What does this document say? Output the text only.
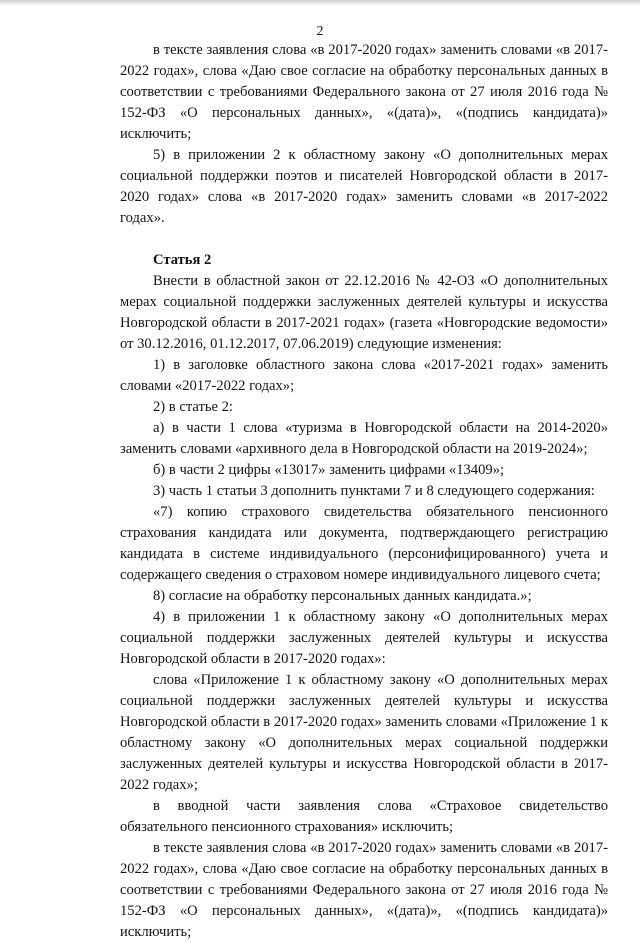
2

в тексте заявления слова «в 2017-2020 годах» заменить словами «в 2017-2022 годах», слова «Даю свое согласие на обработку персональных данных в соответствии с требованиями Федерального закона от 27 июля 2016 года № 152-ФЗ «О персональных данных», «(дата)», «(подпись кандидата)» исключить;

5) в приложении 2 к областному закону «О дополнительных мерах социальной поддержки поэтов и писателей Новгородской области в 2017-2020 годах» слова «в 2017-2020 годах» заменить словами «в 2017-2022 годах».

Статья 2

Внести в областной закон от 22.12.2016 № 42-ОЗ «О дополнительных мерах социальной поддержки заслуженных деятелей культуры и искусства Новгородской области в 2017-2021 годах» (газета «Новгородские ведомости» от 30.12.2016, 01.12.2017, 07.06.2019) следующие изменения:

1) в заголовке областного закона слова «2017-2021 годах» заменить словами «2017-2022 годах»;

2) в статье 2:

а) в части 1 слова «туризма в Новгородской области на 2014-2020» заменить словами «архивного дела в Новгородской области на 2019-2024»;

б) в части 2 цифры «13017» заменить цифрами «13409»;

3) часть 1 статьи 3 дополнить пунктами 7 и 8 следующего содержания:

«7) копию страхового свидетельства обязательного пенсионного страхования кандидата или документа, подтверждающего регистрацию кандидата в системе индивидуального (персонифицированного) учета и содержащего сведения о страховом номере индивидуального лицевого счета;

8) согласие на обработку персональных данных кандидата.»;

4) в приложении 1 к областному закону «О дополнительных мерах социальной поддержки заслуженных деятелей культуры и искусства Новгородской области в 2017-2020 годах»:

слова «Приложение 1 к областному закону «О дополнительных мерах социальной поддержки заслуженных деятелей культуры и искусства Новгородской области в 2017-2020 годах» заменить словами «Приложение 1 к областному закону «О дополнительных мерах социальной поддержки заслуженных деятелей культуры и искусства Новгородской области в 2017-2022 годах»;

в вводной части заявления слова «Страховое свидетельство обязательного пенсионного страхования» исключить;

в тексте заявления слова «в 2017-2020 годах» заменить словами «в 2017-2022 годах», слова «Даю свое согласие на обработку персональных данных в соответствии с требованиями Федерального закона от 27 июля 2016 года № 152-ФЗ «О персональных данных», «(дата)», «(подпись кандидата)» исключить;
